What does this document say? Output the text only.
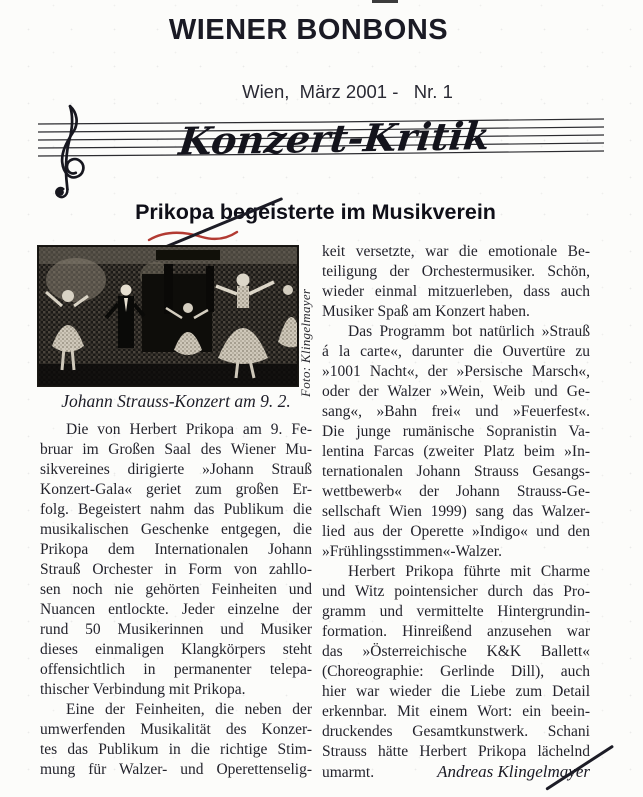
WIENER BONBONS
Wien,  März 2001 -   Nr. 1
Konzert-Kritik
Prikopa begeisterte im Musikverein
Foto: Klingelmayer
Johann Strauss-Konzert am 9. 2.
Die von Herbert Prikopa am 9. Fe-
bruar im Großen Saal des Wiener Mu-
sikvereines dirigierte »Johann Strauß
Konzert-Gala« geriet zum großen Er-
folg. Begeistert nahm das Publikum die
musikalischen Geschenke entgegen, die
Prikopa dem Internationalen Johann
Strauß Orchester in Form von zahllo-
sen noch nie gehörten Feinheiten und
Nuancen entlockte. Jeder einzelne der
rund 50 Musikerinnen und Musiker
dieses einmaligen Klangkörpers steht
offensichtlich in permanenter telepa-
thischer Verbindung mit Prikopa.
Eine der Feinheiten, die neben der
umwerfenden Musikalität des Konzer-
tes das Publikum in die richtige Stim-
mung für Walzer- und Operettenselig-
keit versetzte, war die emotionale Be-
teiligung der Orchestermusiker. Schön,
wieder einmal mitzuerleben, dass auch
Musiker Spaß am Konzert haben.
Das Programm bot natürlich »Strauß
á la carte«, darunter die Ouvertüre zu
»1001 Nacht«, der »Persische Marsch«,
oder der Walzer »Wein, Weib und Ge-
sang«, »Bahn frei« und »Feuerfest«.
Die junge rumänische Sopranistin Va-
lentina Farcas (zweiter Platz beim »In-
ternationalen Johann Strauss Gesangs-
wettbewerb« der Johann Strauss-Ge-
sellschaft Wien 1999) sang das Walzer-
lied aus der Operette »Indigo« und den
»Frühlingsstimmen«-Walzer.
Herbert Prikopa führte mit Charme
und Witz pointensicher durch das Pro-
gramm und vermittelte Hintergrundin-
formation. Hinreißend anzusehen war
das »Österreichische K&K Ballett«
(Choreographie: Gerlinde Dill), auch
hier war wieder die Liebe zum Detail
erkennbar. Mit einem Wort: ein beein-
druckendes Gesamtkunstwerk. Schani
Strauss hätte Herbert Prikopa lächelnd
umarmt.	Andreas Klingelmayer
